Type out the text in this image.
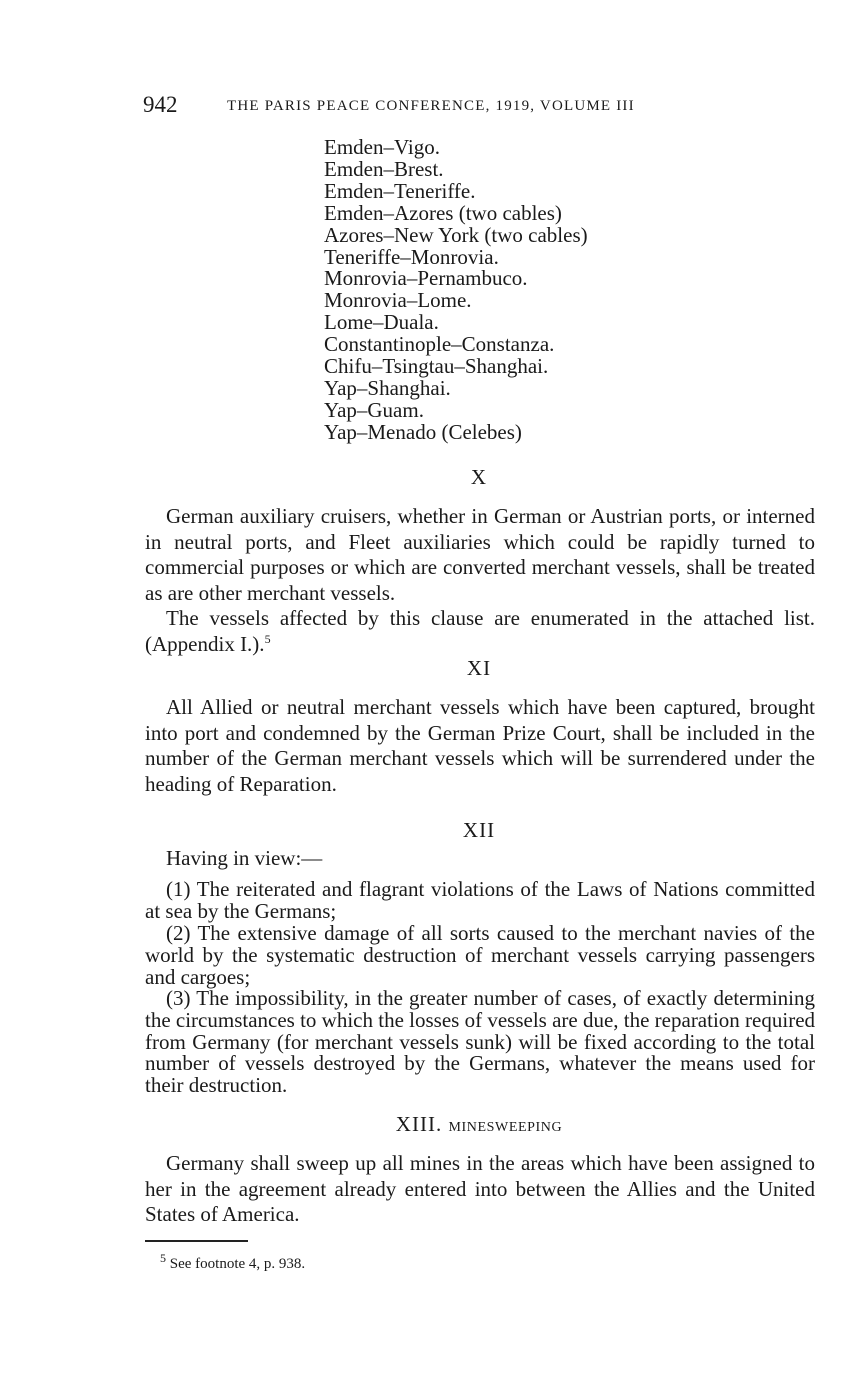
942	THE PARIS PEACE CONFERENCE, 1919, VOLUME III
Emden–Vigo.
Emden–Brest.
Emden–Teneriffe.
Emden–Azores (two cables)
Azores–New York (two cables)
Teneriffe–Monrovia.
Monrovia–Pernambuco.
Monrovia–Lome.
Lome–Duala.
Constantinople–Constanza.
Chifu–Tsingtau–Shanghai.
Yap–Shanghai.
Yap–Guam.
Yap–Menado (Celebes)
X

German auxiliary cruisers, whether in German or Austrian ports, or interned in neutral ports, and Fleet auxiliaries which could be rapidly turned to commercial purposes or which are converted merchant vessels, shall be treated as are other merchant vessels.

The vessels affected by this clause are enumerated in the attached list. (Appendix I.).$^5$

XI

All Allied or neutral merchant vessels which have been captured, brought into port and condemned by the German Prize Court, shall be included in the number of the German merchant vessels which will be surrendered under the heading of Reparation.

XII

Having in view:—

(1) The reiterated and flagrant violations of the Laws of Nations committed at sea by the Germans;

(2) The extensive damage of all sorts caused to the merchant navies of the world by the systematic destruction of merchant vessels carrying passengers and cargoes;

(3) The impossibility, in the greater number of cases, of exactly determining the circumstances to which the losses of vessels are due, the reparation required from Germany (for merchant vessels sunk) will be fixed according to the total number of vessels destroyed by the Germans, whatever the means used for their destruction.

XIII. MINESWEEPING

Germany shall sweep up all mines in the areas which have been assigned to her in the agreement already entered into between the Allies and the United States of America.

$^5$ See footnote 4, p. 938.
